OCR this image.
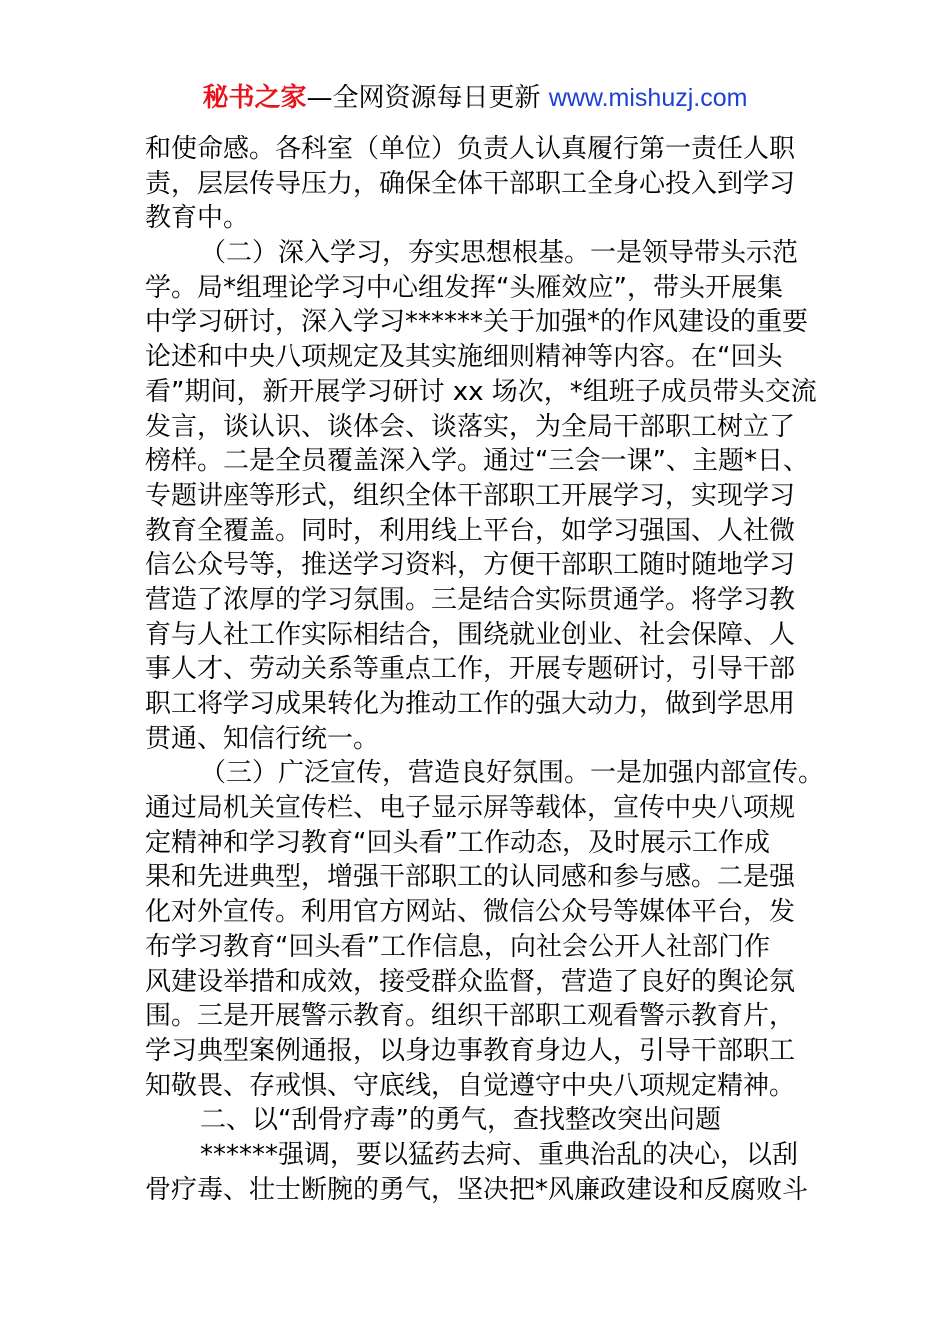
秘书之家—全网资源每日更新 www.mishuzj.com
和使命感。各科室（单位）负责人认真履行第一责任人职
责，层层传导压力，确保全体干部职工全身心投入到学习
教育中。
（二）深入学习，夯实思想根基。一是领导带头示范
学。局*组理论学习中心组发挥“头雁效应”，带头开展集
中学习研讨，深入学习******关于加强*的作风建设的重要
论述和中央八项规定及其实施细则精神等内容。在“回头
看”期间，新开展学习研讨 xx 场次，*组班子成员带头交流
发言，谈认识、谈体会、谈落实，为全局干部职工树立了
榜样。二是全员覆盖深入学。通过“三会一课”、主题*日、
专题讲座等形式，组织全体干部职工开展学习，实现学习
教育全覆盖。同时，利用线上平台，如学习强国、人社微
信公众号等，推送学习资料，方便干部职工随时随地学习
营造了浓厚的学习氛围。三是结合实际贯通学。将学习教
育与人社工作实际相结合，围绕就业创业、社会保障、人
事人才、劳动关系等重点工作，开展专题研讨，引导干部
职工将学习成果转化为推动工作的强大动力，做到学思用
贯通、知信行统一。
（三）广泛宣传，营造良好氛围。一是加强内部宣传。
通过局机关宣传栏、电子显示屏等载体，宣传中央八项规
定精神和学习教育“回头看”工作动态，及时展示工作成
果和先进典型，增强干部职工的认同感和参与感。二是强
化对外宣传。利用官方网站、微信公众号等媒体平台，发
布学习教育“回头看”工作信息，向社会公开人社部门作
风建设举措和成效，接受群众监督，营造了良好的舆论氛
围。三是开展警示教育。组织干部职工观看警示教育片，
学习典型案例通报，以身边事教育身边人，引导干部职工
知敬畏、存戒惧、守底线，自觉遵守中央八项规定精神。
二、以“刮骨疗毒”的勇气，查找整改突出问题
******强调，要以猛药去疴、重典治乱的决心，以刮
骨疗毒、壮士断腕的勇气，坚决把*风廉政建设和反腐败斗
